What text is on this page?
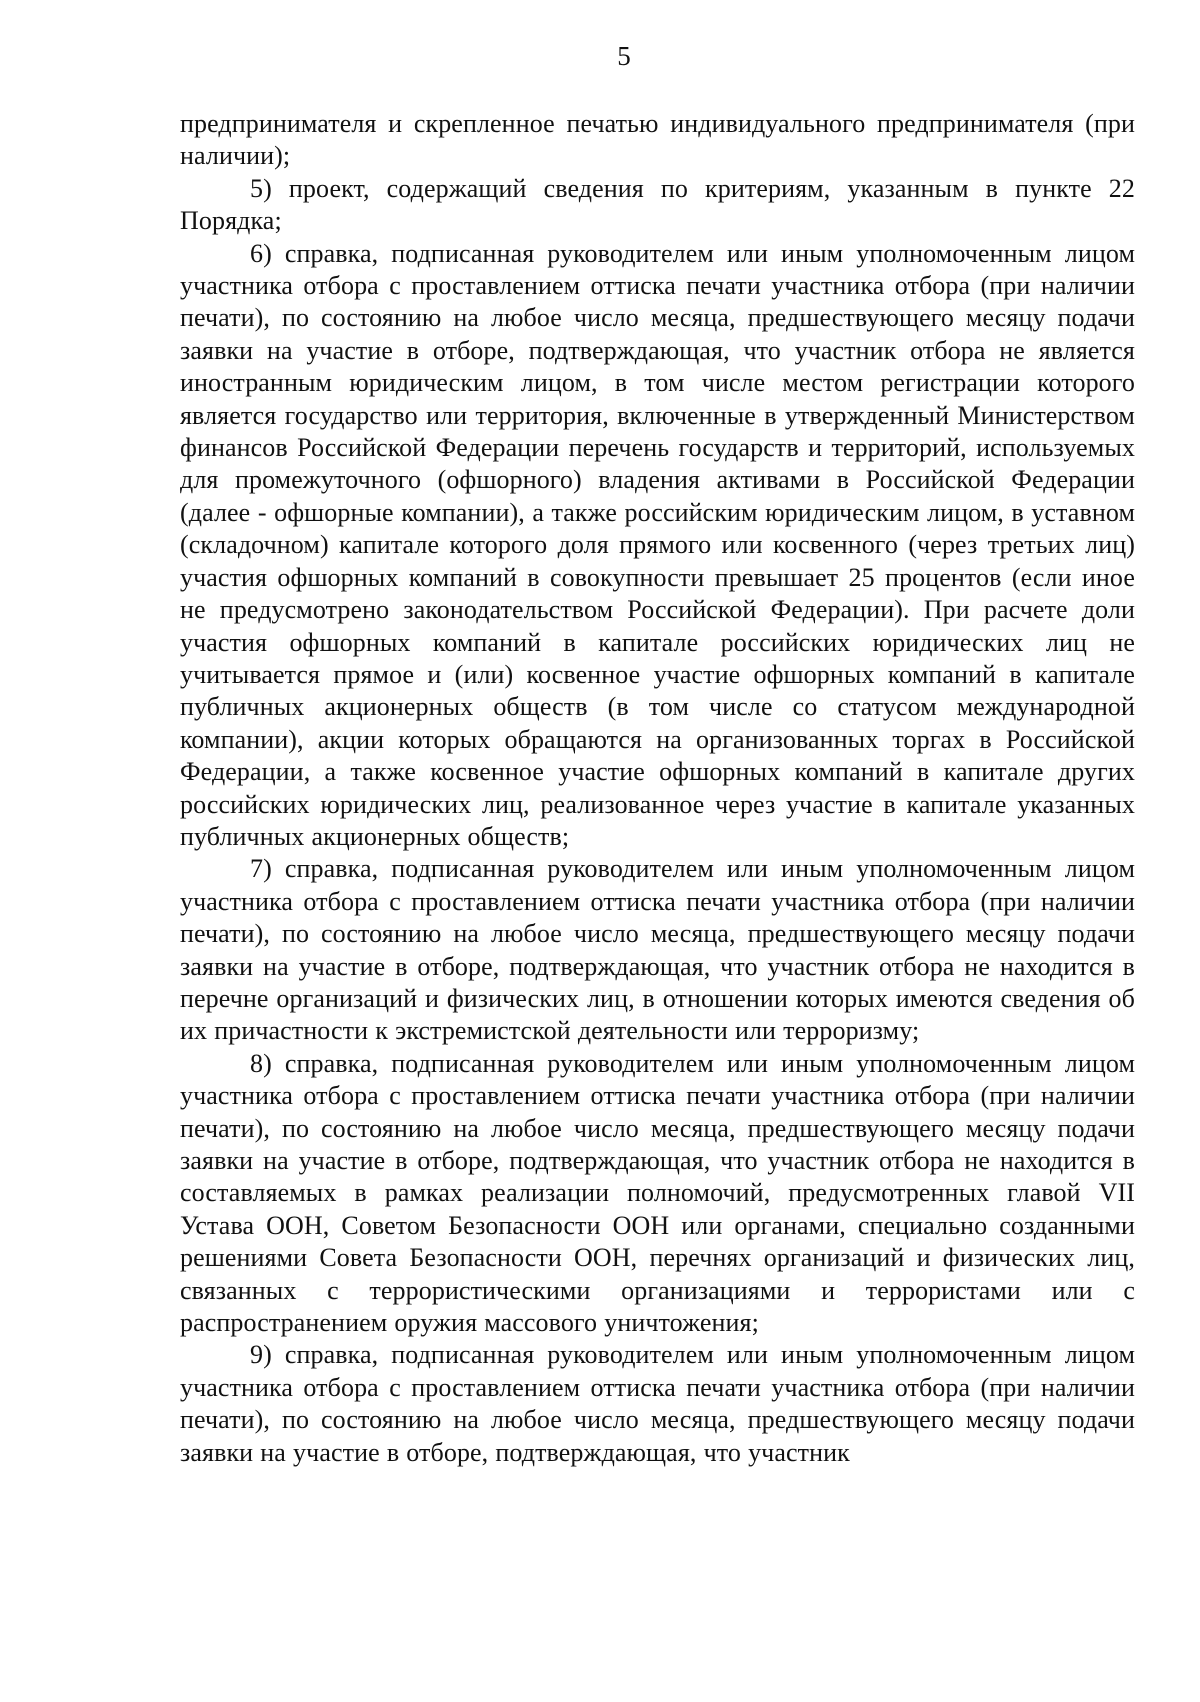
5

предпринимателя и скрепленное печатью индивидуального предпринимателя (при наличии);

5) проект, содержащий сведения по критериям, указанным в пункте 22 Порядка;

6) справка, подписанная руководителем или иным уполномоченным лицом участника отбора с проставлением оттиска печати участника отбора (при наличии печати), по состоянию на любое число месяца, предшествующего месяцу подачи заявки на участие в отборе, подтверждающая, что участник отбора не является иностранным юридическим лицом, в том числе местом регистрации которого является государство или территория, включенные в утвержденный Министерством финансов Российской Федерации перечень государств и территорий, используемых для промежуточного (офшорного) владения активами в Российской Федерации (далее - офшорные компании), а также российским юридическим лицом, в уставном (складочном) капитале которого доля прямого или косвенного (через третьих лиц) участия офшорных компаний в совокупности превышает 25 процентов (если иное не предусмотрено законодательством Российской Федерации). При расчете доли участия офшорных компаний в капитале российских юридических лиц не учитывается прямое и (или) косвенное участие офшорных компаний в капитале публичных акционерных обществ (в том числе со статусом международной компании), акции которых обращаются на организованных торгах в Российской Федерации, а также косвенное участие офшорных компаний в капитале других российских юридических лиц, реализованное через участие в капитале указанных публичных акционерных обществ;

7) справка, подписанная руководителем или иным уполномоченным лицом участника отбора с проставлением оттиска печати участника отбора (при наличии печати), по состоянию на любое число месяца, предшествующего месяцу подачи заявки на участие в отборе, подтверждающая, что участник отбора не находится в перечне организаций и физических лиц, в отношении которых имеются сведения об их причастности к экстремистской деятельности или терроризму;

8) справка, подписанная руководителем или иным уполномоченным лицом участника отбора с проставлением оттиска печати участника отбора (при наличии печати), по состоянию на любое число месяца, предшествующего месяцу подачи заявки на участие в отборе, подтверждающая, что участник отбора не находится в составляемых в рамках реализации полномочий, предусмотренных главой VII Устава ООН, Советом Безопасности ООН или органами, специально созданными решениями Совета Безопасности ООН, перечнях организаций и физических лиц, связанных с террористическими организациями и террористами или с распространением оружия массового уничтожения;

9) справка, подписанная руководителем или иным уполномоченным лицом участника отбора с проставлением оттиска печати участника отбора (при наличии печати), по состоянию на любое число месяца, предшествующего месяцу подачи заявки на участие в отборе, подтверждающая, что участник
